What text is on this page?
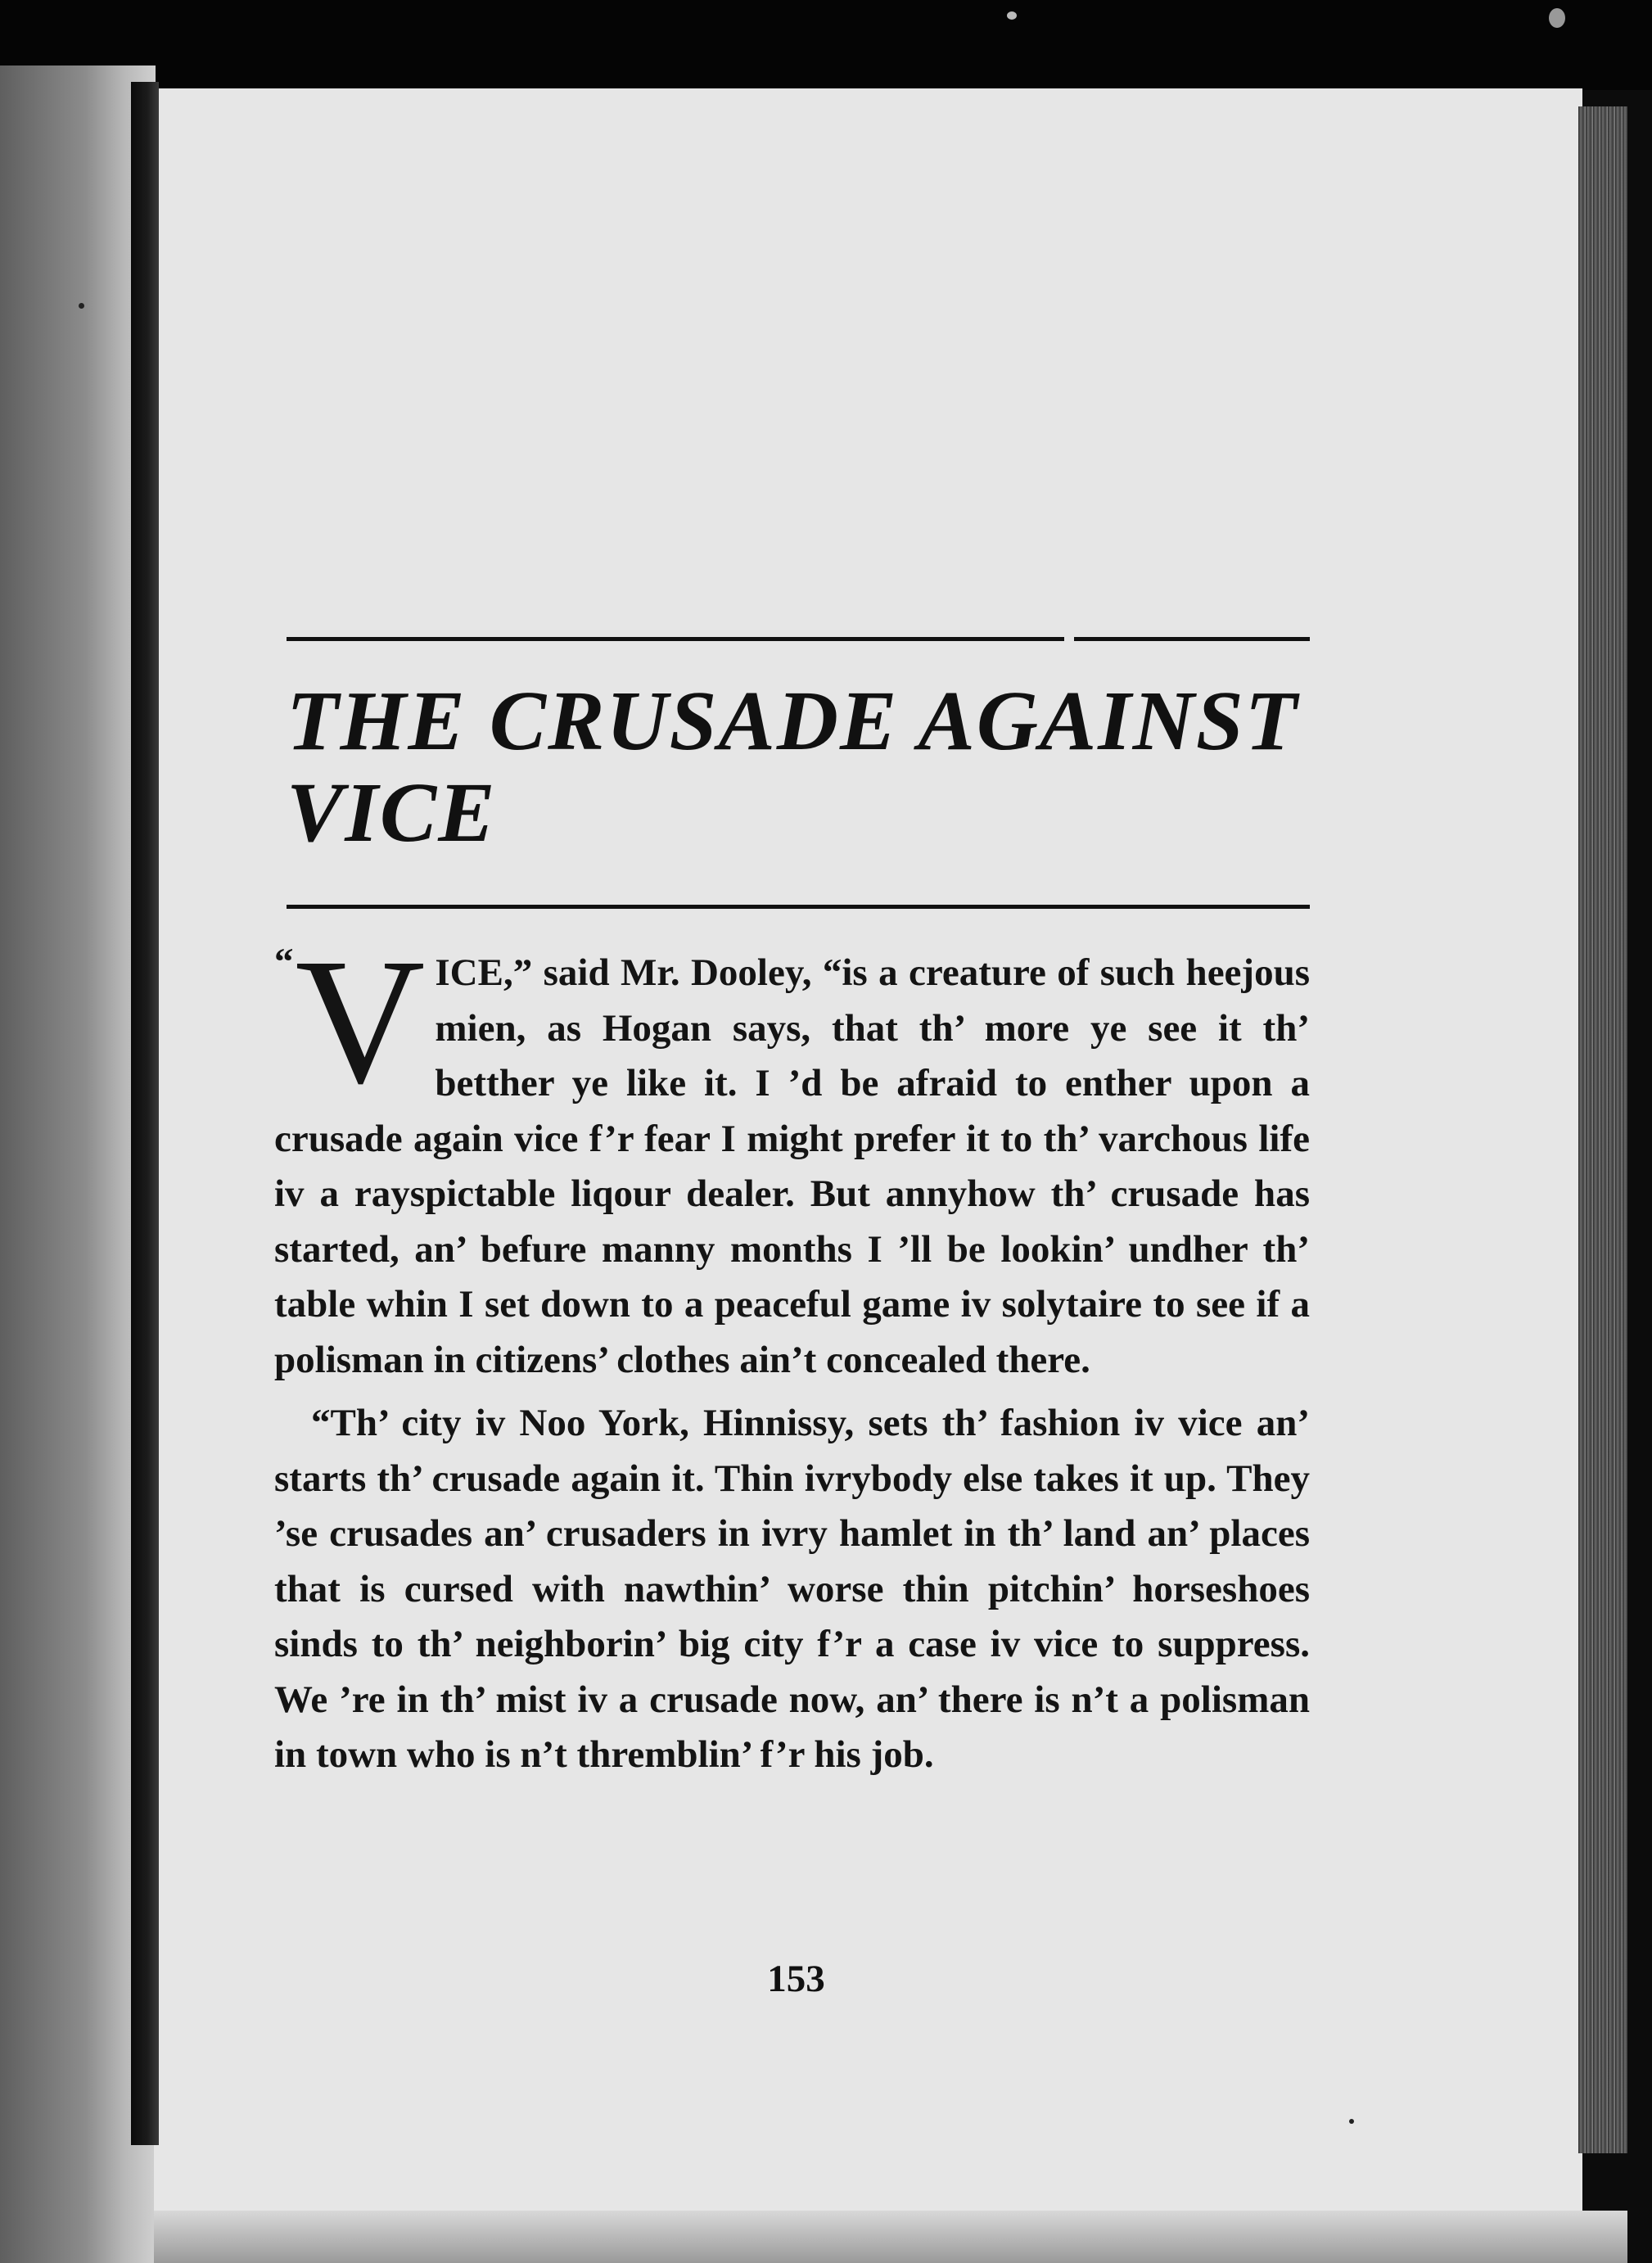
THE CRUSADE AGAINST VICE

“ V ICE,” said Mr. Dooley, “is a creature of such heejous mien, as Hogan says, that th’ more ye see it th’ betther ye like it. I ’d be afraid to enther upon a crusade again vice f’r fear I might prefer it to th’ varchous life iv a rayspictable liqour dealer. But annyhow th’ crusade has started, an’ befure manny months I ’ll be lookin’ undher th’ table whin I set down to a peaceful game iv solytaire to see if a polisman in citizens’ clothes ain’t concealed there.

“Th’ city iv Noo York, Hinnissy, sets th’ fashion iv vice an’ starts th’ crusade again it. Thin ivrybody else takes it up. They ’se crusades an’ crusaders in ivry hamlet in th’ land an’ places that is cursed with nawthin’ worse thin pitchin’ horseshoes sinds to th’ neighborin’ big city f’r a case iv vice to suppress. We ’re in th’ mist iv a crusade now, an’ there is n’t a polisman in town who is n’t thremblin’ f’r his job.

153
